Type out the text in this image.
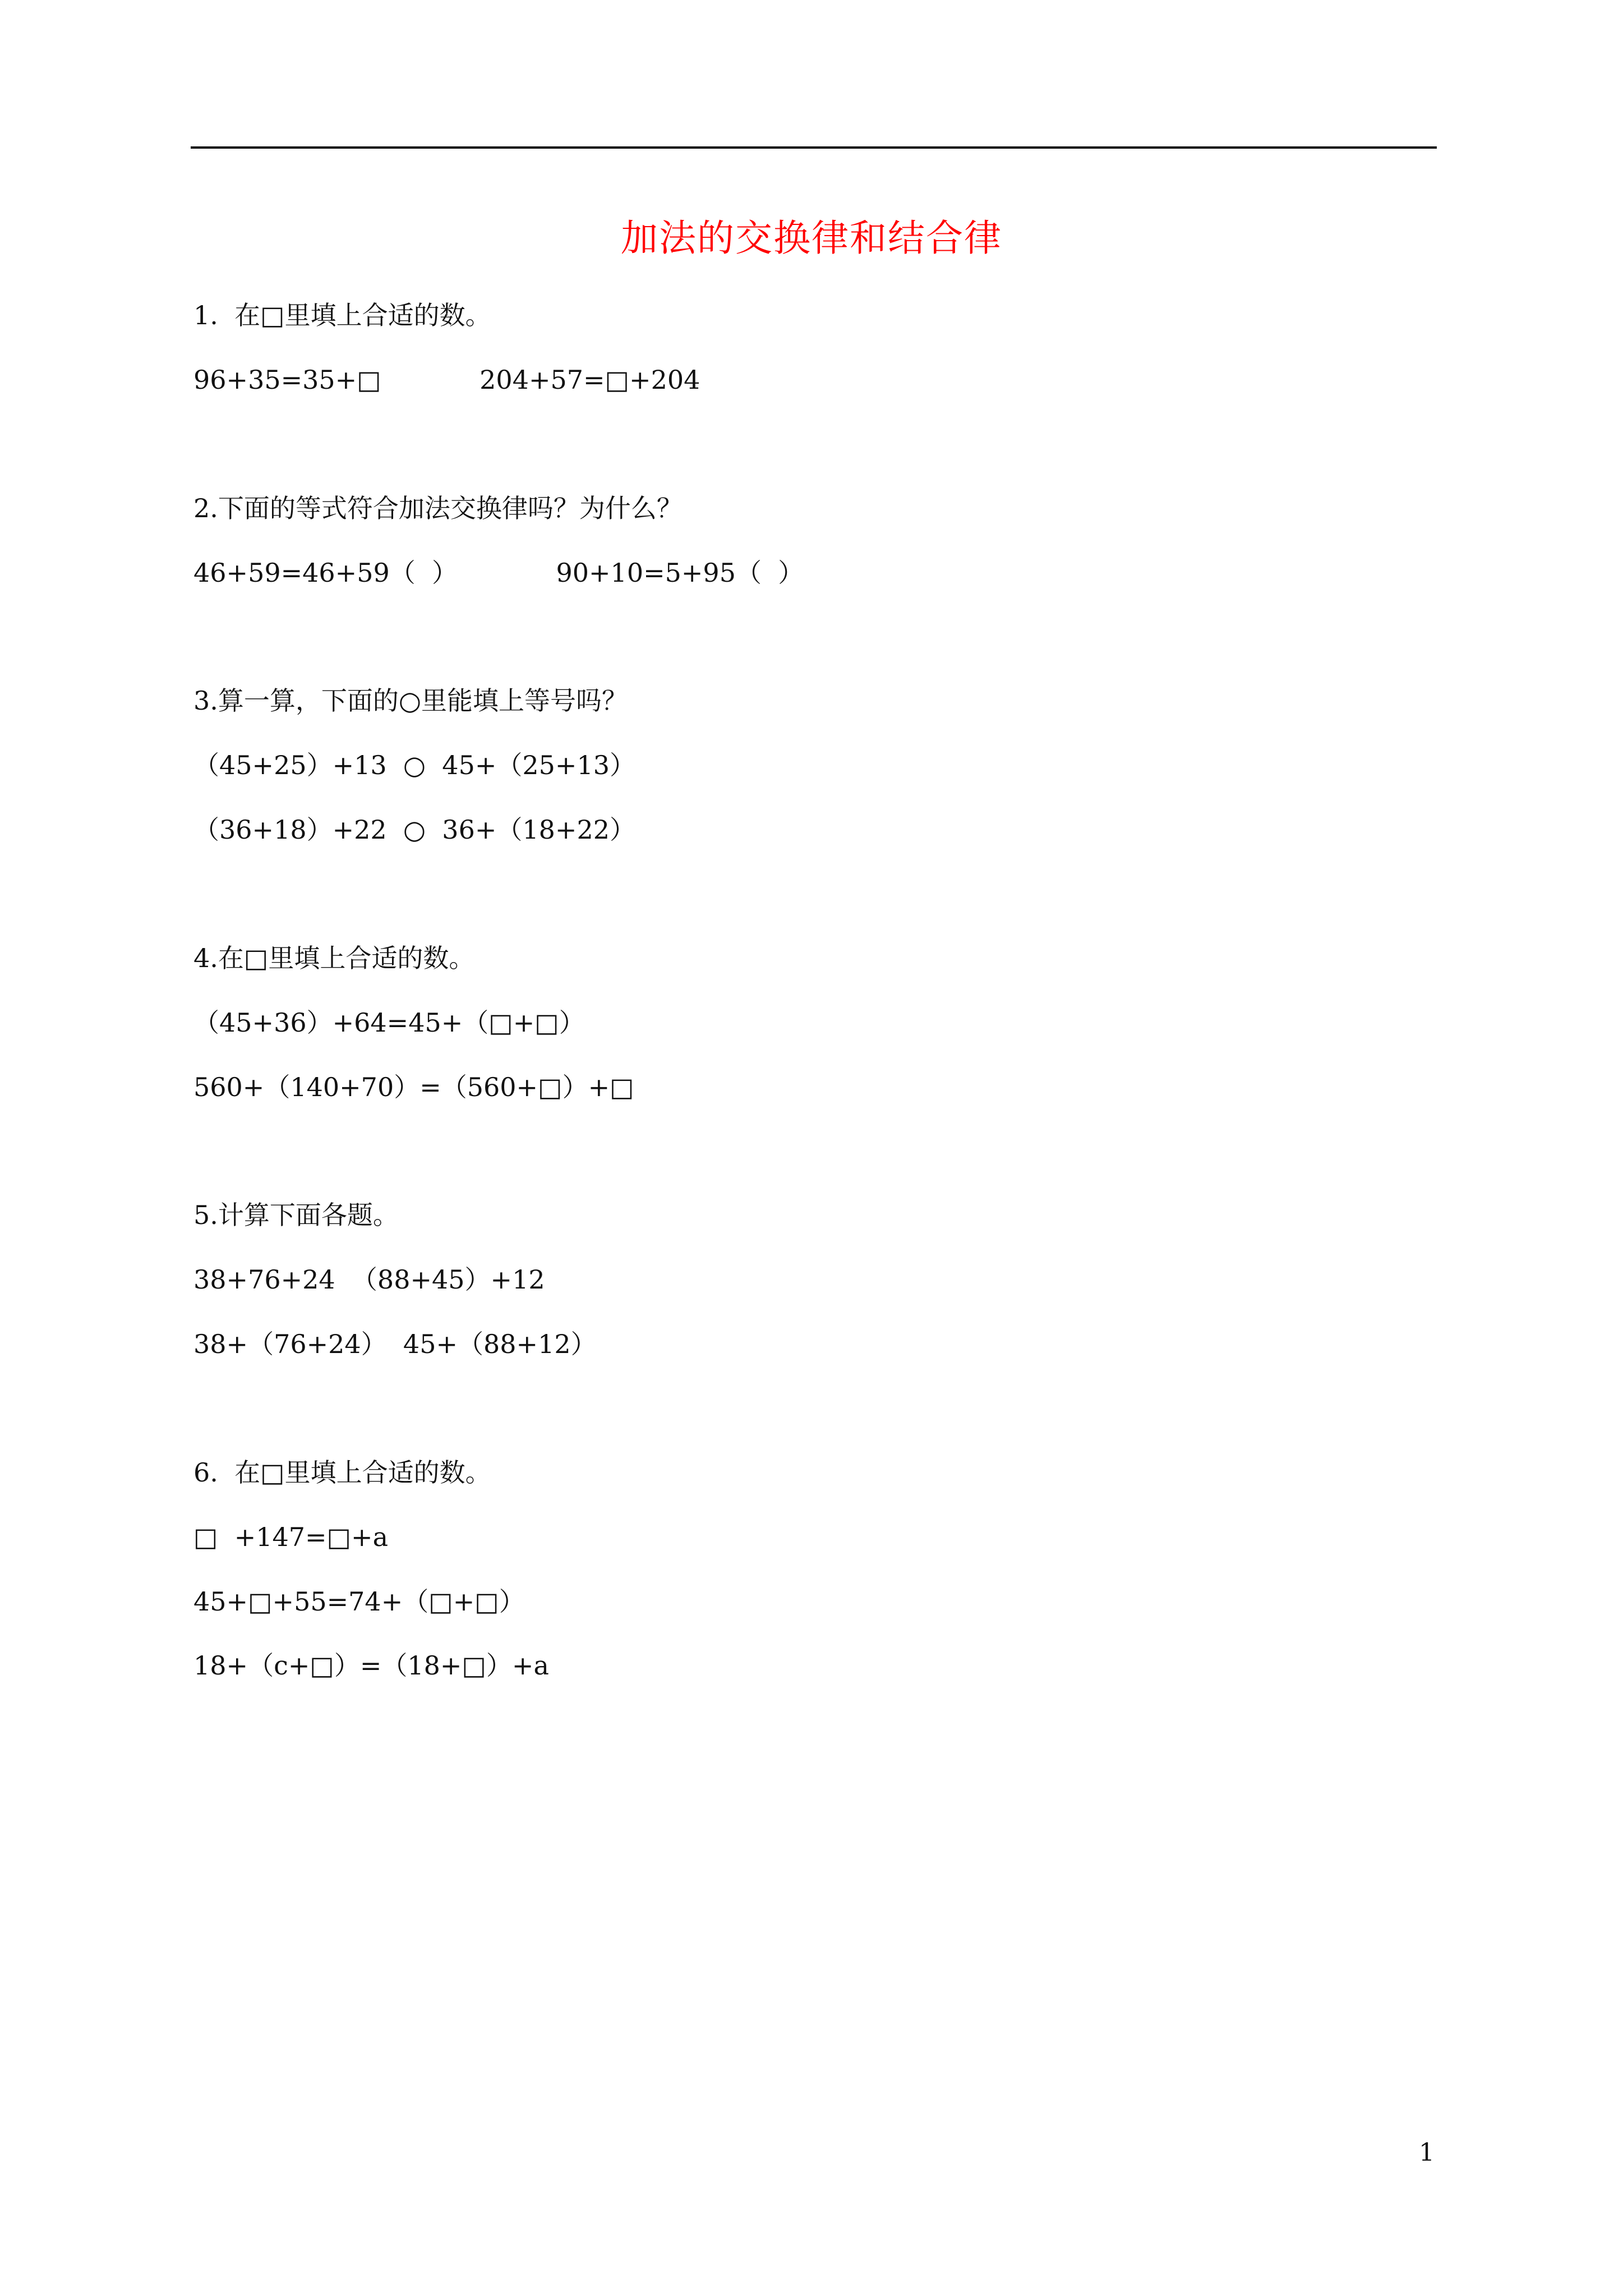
加法的交换律和结合律
1.  在□里填上合适的数。
96+35=35+□            204+57=□+204
2.下面的等式符合加法交换律吗？为什么？
46+59=46+59（  ）            90+10=5+95（  ）
3.算一算，下面的○里能填上等号吗？
（45+25）+13  ○  45+（25+13）
（36+18）+22  ○  36+（18+22）
4.在□里填上合适的数。
（45+36）+64=45+（□+□）
560+（140+70）=（560+□）+□
5.计算下面各题。
38+76+24  （88+45）+12
38+（76+24）  45+（88+12）
6.  在□里填上合适的数。
□  +147=□+a
45+□+55=74+（□+□）
18+（c+□）=（18+□）+a
1
